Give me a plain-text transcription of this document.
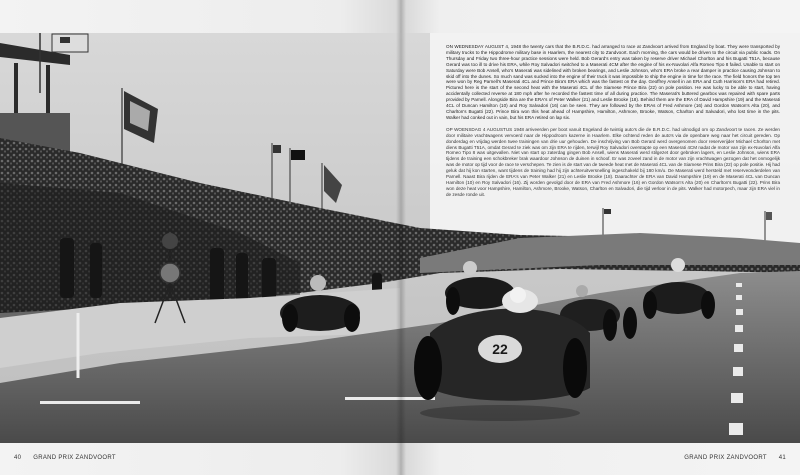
22

ON WEDNESDAY AUGUST 4, 1948 the twenty cars that the B.R.D.C. had arranged to race at Zandvoort arrived from England by boat. They were transported by military trucks to the Hippodrome military base in Haarlem, the nearest city to Zandvoort. Each morning, the cars would be driven to the circuit via public roads. On Thursday and Friday two three-hour practice sessions were held. Bob Gerard's entry was taken by reserve driver Michael Chorlton and his Bugatti T51A, because Gerard was too ill to drive his ERA, while Roy Salvadori switched to a Maserati 4CM after the engine of his ex-Nuvolari Alfa Romeo Tipo 8 failed. Unable to start on Saturday were Bob Ansell, who's Maserati was sidelined with broken bearings, and Leslie Johnson, who's ERA broke a rear damper in practice causing Johnson to skid off into the dunes. So much sand was sucked into the engine of their truck it was impossible to ship the engine in time for the race. The field honors the top ten were won by Reg Parnell's Maserati 4CL and Prince Bira's ERA which was the fastest on the day. Geoffrey Ansell in an ERA and Cuth Harrison's ERA had retired. Pictured here is the start of the second heat with the Maserati 4CL of the Siamese Prince Bira (22) on pole position. He was lucky to be able to start, having accidentally collected reverse at 180 mph after he recorded the fastest time of all during practice. The Maserati's buttered gearbox was repaired with spare parts provided by Parnell. Alongside Bira are the ERA's of Peter Walker (21) and Leslie Brooke (18). Behind them are the ERA of David Hampshire (19) and the Maserati 4CL of Duncan Hamilton (10) and Roy Salvadori (16) can be seen. They are followed by the ERAs of Fred Ashmore (16) and Gordon Watson's Alta (20), and Charlton's Bugatti (22). Prince Bira won this heat ahead of Hampshire, Hamilton, Ashmore, Brooke, Watson, Charlton and Salvadori, who lost time in the pits. Walker had conked out in vain, but his ERA retired on lap six.

OP WOENSDAG 4 AUGUSTUS 1948 arriveerden per boot vanuit Engeland de twintig auto's die de B.R.D.C. had uitnodigd om op Zandvoort te racen. Ze werden door militaire vrachtwagens vervoerd naar de Hippodroom kazerne in Haarlem. Elke ochtend reden de auto's via de openbare weg naar het circuit gereden. Op donderdag en vrijdag werden twee trainingen van drie uur gehouden. De inschrijving van Bob Gerard werd overgenomen door reserverijder Michael Chorlton met diens Bugatti T51A, omdat Gerard te ziek was om zijn ERA te rijden, terwijl Roy Salvadori overstapte op een Maserati 4CM nadat de motor van zijn ex-Nuvolari Alfa Romeo Tipo 8 was uitgevallen. Niet van start op zaterdag gingen Bob Ansell, wiens Maserati werd stilgezet door gebroken lagers, en Leslie Johnson, wiens ERA tijdens de training een schokbreker brak waardoor Johnson de duinen in schoof. Er was zoveel zand in de motor van zijn vrachtwagen gezogen dat het onmogelijk was de motor op tijd voor de race te verschepen. Te zien is de start van de tweede heat met de Maserati 4CL van de Siamese Prins Bira (22) op pole positie. Hij had geluk dat hij kon starten, want tijdens de training had hij zijn achteruitversnelling ingeschakeld bij 180 km/u. De Maserati werd hersteld met reserveonderdelen van Parnell. Naast Bira rijden de ERA's van Peter Walker (21) en Leslie Brooke (18). Daarachter de ERA van David Hampshire (19) en de Maserati 4CL van Duncan Hamilton (10) en Roy Salvadori (16). Zij worden gevolgd door de ERA van Fred Ashmore (16) en Gordon Watson's Alta (20) en Charlton's Bugatti (22). Prins Bira won deze heat voor Hampshire, Hamilton, Ashmore, Brooke, Watson, Charlton en Salvadori, die tijd verloor in de pits. Walker had motorpech, maar zijn ERA viel in de zesde ronde uit.

40 GRAND PRIX ZANDVOORT	GRAND PRIX ZANDVOORT 41
